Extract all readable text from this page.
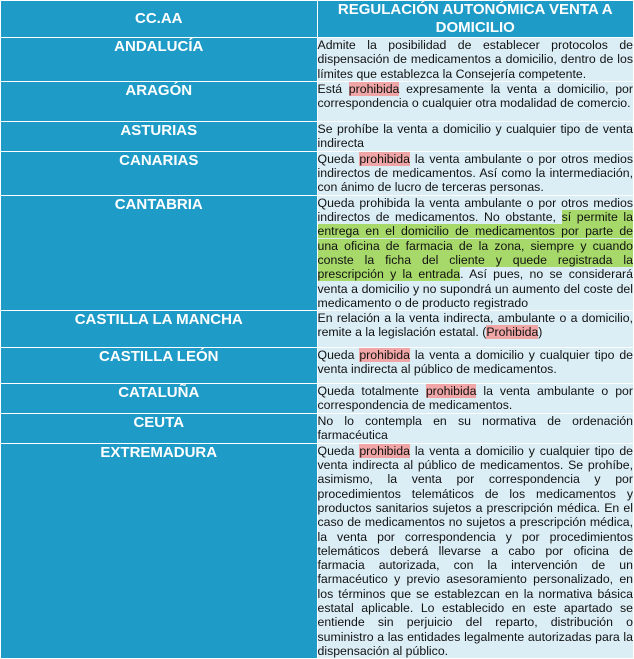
CC.AA	REGULACIÓN AUTONÓMICA VENTA A DOMICILIO
ANDALUCÍA	Admite la posibilidad de establecer protocolos de dispensación de medicamentos a domicilio, dentro de los límites que establezca la Consejería competente.
ARAGÓN	Está prohibida expresamente la venta a domicilio, por correspondencia o cualquier otra modalidad de comercio.
ASTURIAS	Se prohíbe la venta a domicilio y cualquier tipo de venta indirecta
CANARIAS	Queda prohibida la venta ambulante o por otros medios indirectos de medicamentos. Así como la intermediación, con ánimo de lucro de terceras personas.
CANTABRIA	Queda prohibida la venta ambulante o por otros medios indirectos de medicamentos. No obstante, sí permite la entrega en el domicilio de medicamentos por parte de una oficina de farmacia de la zona, siempre y cuando conste la ficha del cliente y quede registrada la prescripción y la entrada. Así pues, no se considerará venta a domicilio y no supondrá un aumento del coste del medicamento o de producto registrado
CASTILLA LA MANCHA	En relación a la venta indirecta, ambulante o a domicilio, remite a la legislación estatal. (Prohibida)
CASTILLA LEÓN	Queda prohibida la venta a domicilio y cualquier tipo de venta indirecta al público de medicamentos.
CATALUÑA	Queda totalmente prohibida la venta ambulante o por correspondencia de medicamentos.
CEUTA	No lo contempla en su normativa de ordenación farmacéutica
EXTREMADURA	Queda prohibida la venta a domicilio y cualquier tipo de venta indirecta al público de medicamentos. Se prohíbe, asimismo, la venta por correspondencia y por procedimientos telemáticos de los medicamentos y productos sanitarios sujetos a prescripción médica. En el caso de medicamentos no sujetos a prescripción médica, la venta por correspondencia y por procedimientos telemáticos deberá llevarse a cabo por oficina de farmacia autorizada, con la intervención de un farmacéutico y previo asesoramiento personalizado, en los términos que se establezcan en la normativa básica estatal aplicable. Lo establecido en este apartado se entiende sin perjuicio del reparto, distribución o suministro a las entidades legalmente autorizadas para la dispensación al público.
